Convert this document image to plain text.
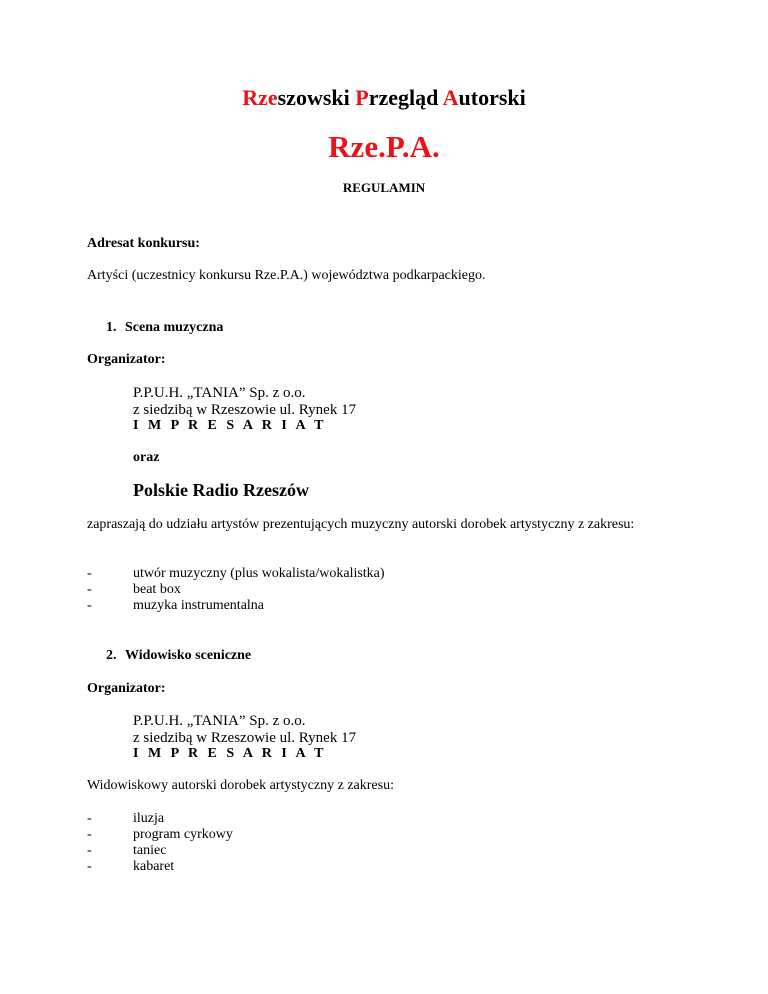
Rzeszowski Przegląd Autorski
Rze.P.A.
REGULAMIN
Adresat konkursu:
Artyści (uczestnicy konkursu Rze.P.A.) województwa podkarpackiego.
1. Scena muzyczna
Organizator:
P.P.U.H. „TANIA” Sp. z o.o.
z siedzibą w Rzeszowie ul. Rynek 17
I M P R E S A R I A T
oraz
Polskie Radio Rzeszów
zapraszają do udziału artystów prezentujących muzyczny autorski dorobek artystyczny z zakresu:
-	utwór muzyczny (plus wokalista/wokalistka)
-	beat box
-	muzyka instrumentalna
2. Widowisko sceniczne
Organizator:
P.P.U.H. „TANIA” Sp. z o.o.
z siedzibą w Rzeszowie ul. Rynek 17
I M P R E S A R I A T
Widowiskowy autorski dorobek artystyczny z zakresu:
-	iluzja
-	program cyrkowy
-	taniec
-	kabaret
